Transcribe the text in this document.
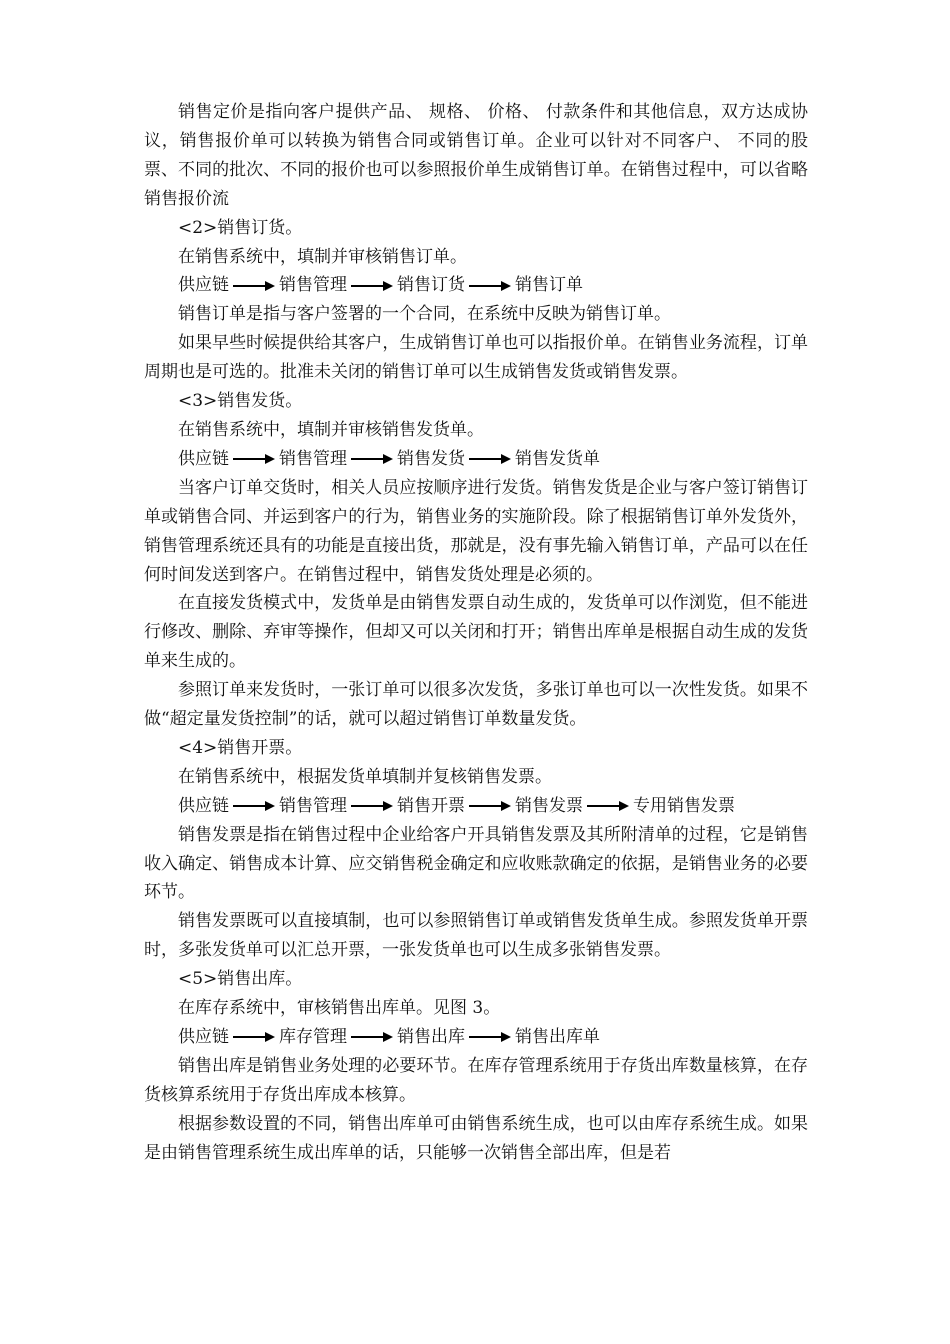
销售定价是指向客户提供产品、 规格、 价格、 付款条件和其他信息，双方达成协议，销售报价单可以转换为销售合同或销售订单。企业可以针对不同客户、 不同的股票、不同的批次、不同的报价也可以参照报价单生成销售订单。在销售过程中，可以省略销售报价流

<2>销售订货。

在销售系统中，填制并审核销售订单。

供应链	销售管理	销售订货	销售订单

销售订单是指与客户签署的一个合同，在系统中反映为销售订单。

如果早些时候提供给其客户，生成销售订单也可以指报价单。在销售业务流程，订单周期也是可选的。批准未关闭的销售订单可以生成销售发货或销售发票。

<3>销售发货。

在销售系统中，填制并审核销售发货单。

供应链	销售管理	销售发货	销售发货单

当客户订单交货时，相关人员应按顺序进行发货。销售发货是企业与客户签订销售订单或销售合同、并运到客户的行为，销售业务的实施阶段。除了根据销售订单外发货外，销售管理系统还具有的功能是直接出货，那就是，没有事先输入销售订单，产品可以在任何时间发送到客户。在销售过程中，销售发货处理是必须的。

在直接发货模式中，发货单是由销售发票自动生成的，发货单可以作浏览，但不能进行修改、删除、弃审等操作，但却又可以关闭和打开；销售出库单是根据自动生成的发货单来生成的。

参照订单来发货时，一张订单可以很多次发货，多张订单也可以一次性发货。如果不做“超定量发货控制”的话，就可以超过销售订单数量发货。

<4>销售开票。

在销售系统中，根据发货单填制并复核销售发票。

供应链	销售管理	销售开票	销售发票	专用销售发票

销售发票是指在销售过程中企业给客户开具销售发票及其所附清单的过程，它是销售收入确定、销售成本计算、应交销售税金确定和应收账款确定的依据，是销售业务的必要环节。

销售发票既可以直接填制，也可以参照销售订单或销售发货单生成。参照发货单开票时，多张发货单可以汇总开票，一张发货单也可以生成多张销售发票。

<5>销售出库。

在库存系统中，审核销售出库单。见图 3。

供应链	库存管理	销售出库	销售出库单

销售出库是销售业务处理的必要环节。在库存管理系统用于存货出库数量核算，在存货核算系统用于存货出库成本核算。

根据参数设置的不同，销售出库单可由销售系统生成，也可以由库存系统生成。如果是由销售管理系统生成出库单的话，只能够一次销售全部出库，但是若
